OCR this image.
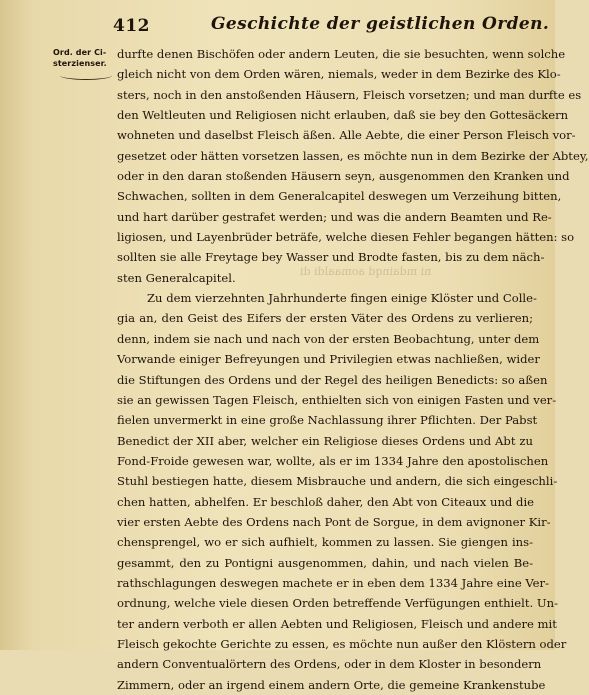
412	Geschichte der geistlichen Orden.
Ord. der Ci-
sterzienser.
durfte denen Bischöfen oder andern Leuten, die sie besuchten, wenn solche
gleich nicht von dem Orden wären, niemals, weder in dem Bezirke des Klo-
sters, noch in den anstoßenden Häusern, Fleisch vorsetzen; und man durfte es
den Weltleuten und Religiosen nicht erlauben, daß sie bey den Gottesäckern
wohneten und daselbst Fleisch äßen. Alle Aebte, die einer Person Fleisch vor-
gesetzet oder hätten vorsetzen lassen, es möchte nun in dem Bezirke der Abtey,
oder in den daran stoßenden Häusern seyn, ausgenommen den Kranken und
Schwachen, sollten in dem Generalcapitel deswegen um Verzeihung bitten,
und hart darüber gestrafet werden; und was die andern Beamten und Re-
ligiosen, und Layenbrüder beträfe, welche diesen Fehler begangen hätten: so
sollten sie alle Freytage bey Wasser und Brodte fasten, bis zu dem näch-
sten Generalcapitel.
Zu dem vierzehnten Jahrhunderte fingen einige Klöster und Colle-
gia an, den Geist des Eifers der ersten Väter des Ordens zu verlieren;
denn, indem sie nach und nach von der ersten Beobachtung, unter dem
Vorwande einiger Befreyungen und Privilegien etwas nachließen, wider
die Stiftungen des Ordens und der Regel des heiligen Benedicts: so aßen
sie an gewissen Tagen Fleisch, enthielten sich von einigen Fasten und ver-
fielen unvermerkt in eine große Nachlassung ihrer Pflichten. Der Pabst
Benedict der XII aber, welcher ein Religiose dieses Ordens und Abt zu
Fond-Froide gewesen war, wollte, als er im 1334 Jahre den apostolischen
Stuhl bestiegen hatte, diesem Misbrauche und andern, die sich eingeschli-
chen hatten, abhelfen. Er beschloß daher, den Abt von Citeaux und die
vier ersten Aebte des Ordens nach Pont de Sorgue, in dem avignoner Kir-
chensprengel, wo er sich aufhielt, kommen zu lassen. Sie giengen ins-
gesammt, den zu Pontigni ausgenommen, dahin, und nach vielen Be-
rathschlagungen deswegen machete er in eben dem 1334 Jahre eine Ver-
ordnung, welche viele diesen Orden betreffende Verfügungen enthielt. Un-
ter andern verboth er allen Aebten und Religiosen, Fleisch und andere mit
Fleisch gekochte Gerichte zu essen, es möchte nun außer den Klöstern oder
andern Conventualörtern des Ordens, oder in dem Kloster in besondern
Zimmern, oder an irgend einem andern Orte, die gemeine Krankenstube
ni mdainqd aomaaldi di
